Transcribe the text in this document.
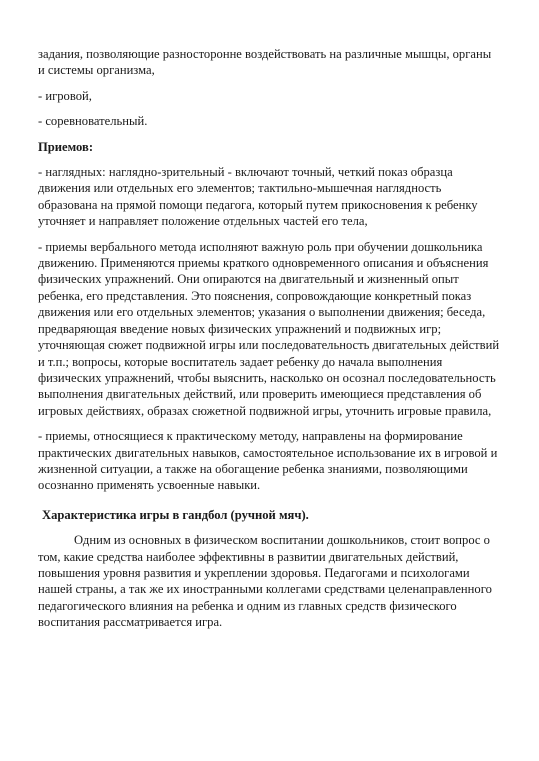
задания, позволяющие разносторонне воздействовать на различные мышцы, органы и системы организма,

- игровой,

- соревновательный.

Приемов:

- наглядных: наглядно-зрительный - включают точный, четкий показ образца движения или отдельных его элементов; тактильно-мышечная наглядность образована на прямой помощи педагога, который путем прикосновения к ребенку уточняет и направляет положение отдельных частей его тела,

- приемы вербального метода исполняют важную роль при обучении дошкольника движению. Применяются приемы краткого одновременного описания и объяснения физических упражнений. Они опираются на двигательный и жизненный опыт ребенка, его представления. Это пояснения, сопровождающие конкретный показ движения или его отдельных элементов; указания о выполнении движения; беседа, предваряющая введение новых физических упражнений и подвижных игр; уточняющая сюжет подвижной игры или последовательность двигательных действий и т.п.; вопросы, которые воспитатель задает ребенку до начала выполнения физических упражнений, чтобы выяснить, насколько он осознал последовательность выполнения двигательных действий, или проверить имеющиеся представления об игровых действиях, образах сюжетной подвижной игры, уточнить игровые правила,

- приемы, относящиеся к практическому методу, направлены на формирование практических двигательных навыков, самостоятельное использование их в игровой и жизненной ситуации, а также на обогащение ребенка знаниями, позволяющими осознанно применять усвоенные навыки.

Характеристика игры в гандбол (ручной мяч).

Одним из основных в физическом воспитании дошкольников, стоит вопрос о том, какие средства наиболее эффективны в развитии двигательных действий, повышения уровня развития и укреплении здоровья. Педагогами и психологами нашей страны, а так же их иностранными коллегами средствами целенаправленного педагогического влияния на ребенка и одним из главных средств физического воспитания рассматривается игра.
